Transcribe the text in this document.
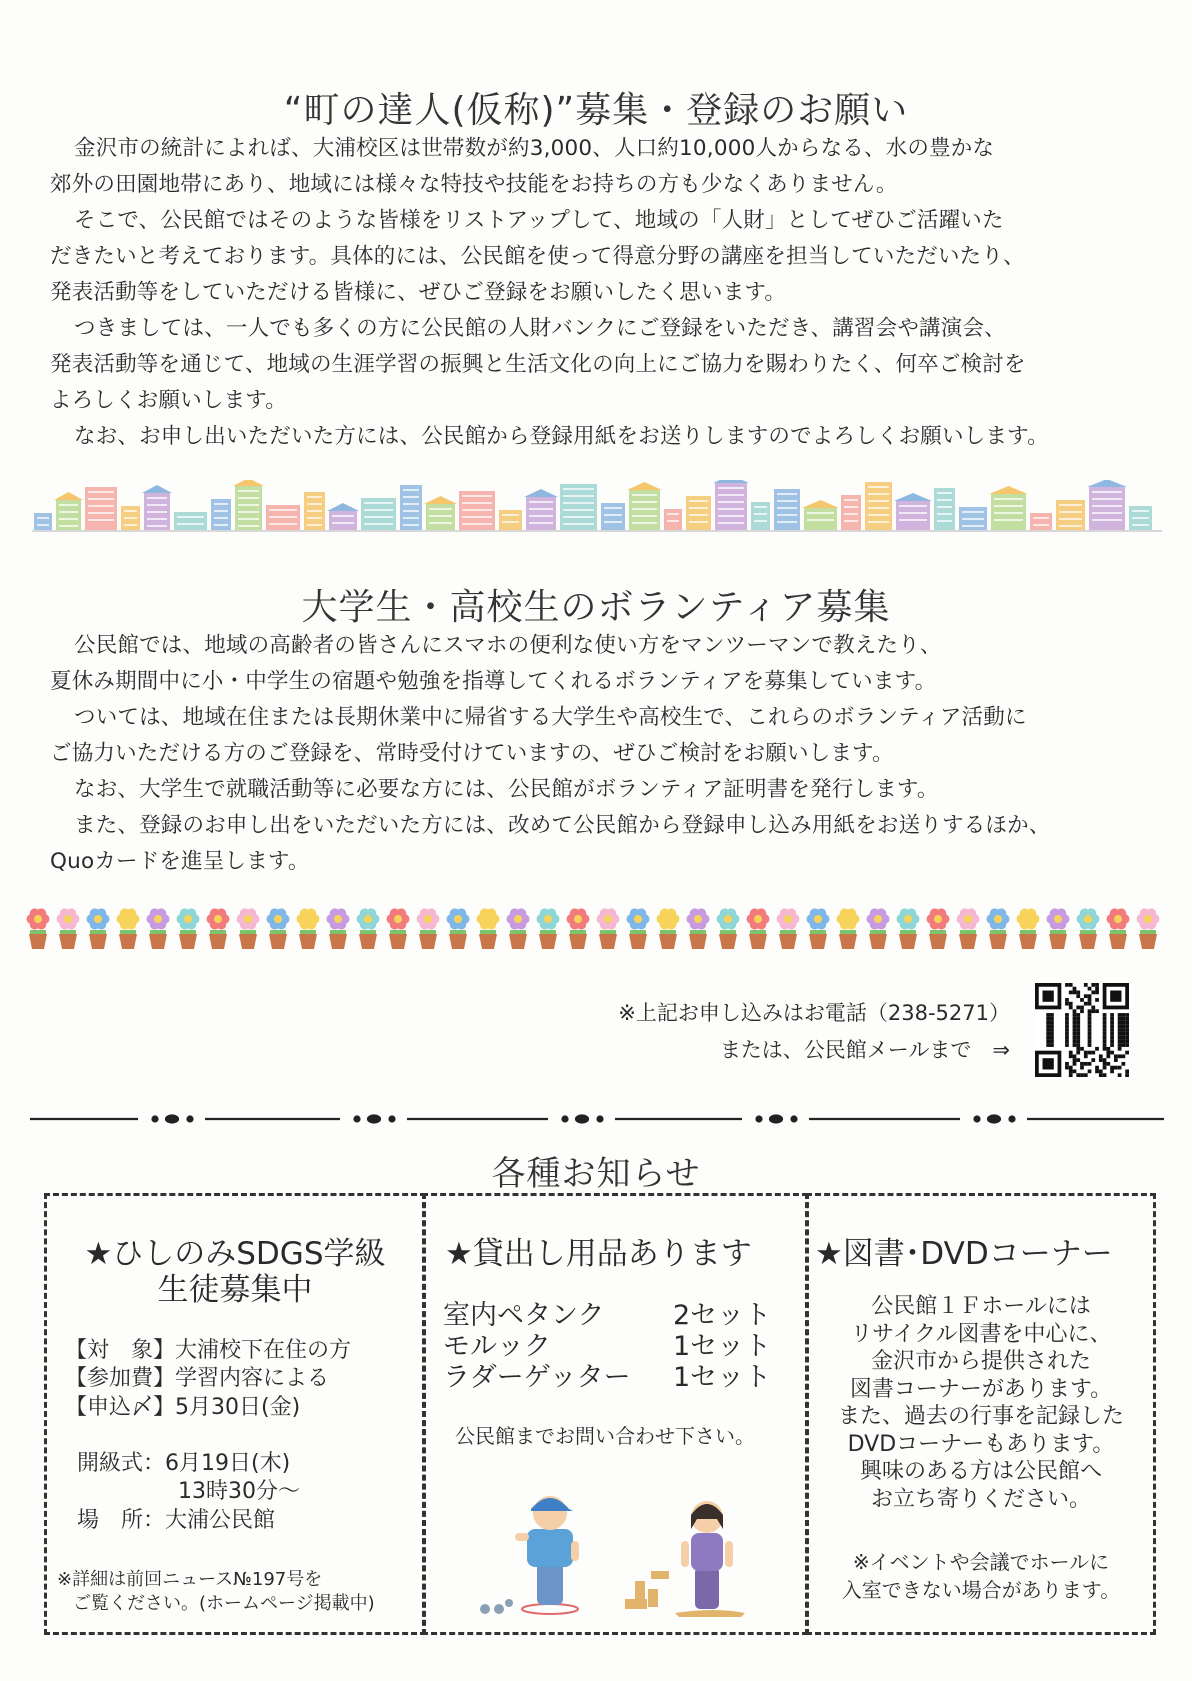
“町の達人(仮称)”募集・登録のお願い

金沢市の統計によれば、大浦校区は世帯数が約3,000、人口約10,000人からなる、水の豊かな

郊外の田園地帯にあり、地域には様々な特技や技能をお持ちの方も少なくありません。

そこで、公民館ではそのような皆様をリストアップして、地域の「人財」としてぜひご活躍いた

だきたいと考えております。具体的には、公民館を使って得意分野の講座を担当していただいたり、

発表活動等をしていただける皆様に、ぜひご登録をお願いしたく思います。

つきましては、一人でも多くの方に公民館の人財バンクにご登録をいただき、講習会や講演会、

発表活動等を通じて、地域の生涯学習の振興と生活文化の向上にご協力を賜わりたく、何卒ご検討を

よろしくお願いします。

なお、お申し出いただいた方には、公民館から登録用紙をお送りしますのでよろしくお願いします。

大学生・高校生のボランティア募集

公民館では、地域の高齢者の皆さんにスマホの便利な使い方をマンツーマンで教えたり、

夏休み期間中に小・中学生の宿題や勉強を指導してくれるボランティアを募集しています。

ついては、地域在住または長期休業中に帰省する大学生や高校生で、これらのボランティア活動に

ご協力いただける方のご登録を、常時受付けていますの、ぜひご検討をお願いします。

なお、大学生で就職活動等に必要な方には、公民館がボランティア証明書を発行します。

また、登録のお申し出をいただいた方には、改めて公民館から登録申し込み用紙をお送りするほか、

Quoカードを進呈します。

※上記お申し込みはお電話（238-5271）
または、公民館メールまで　⇒
各種お知らせ
★ひしのみSDGS学級
生徒募集中
【対　象】大浦校下在住の方
【参加費】学習内容による
【申込〆】5月30日(金)
開級式：6月19日(木)
13時30分～
場　所：大浦公民館
※詳細は前回ニュース№197号を
ご覧ください。(ホームページ掲載中)
★貸出し用品あります
室内ペタンク	2セット
モルック	1セット
ラダーゲッター 1セット
公民館までお問い合わせ下さい。
★図書･DVDコーナー
公民館１Ｆホールには
リサイクル図書を中心に、
金沢市から提供された
図書コーナーがあります。
また、過去の行事を記録した
DVDコーナーもあります。
興味のある方は公民館へ
お立ち寄りください。
※イベントや会議でホールに
入室できない場合があります。
